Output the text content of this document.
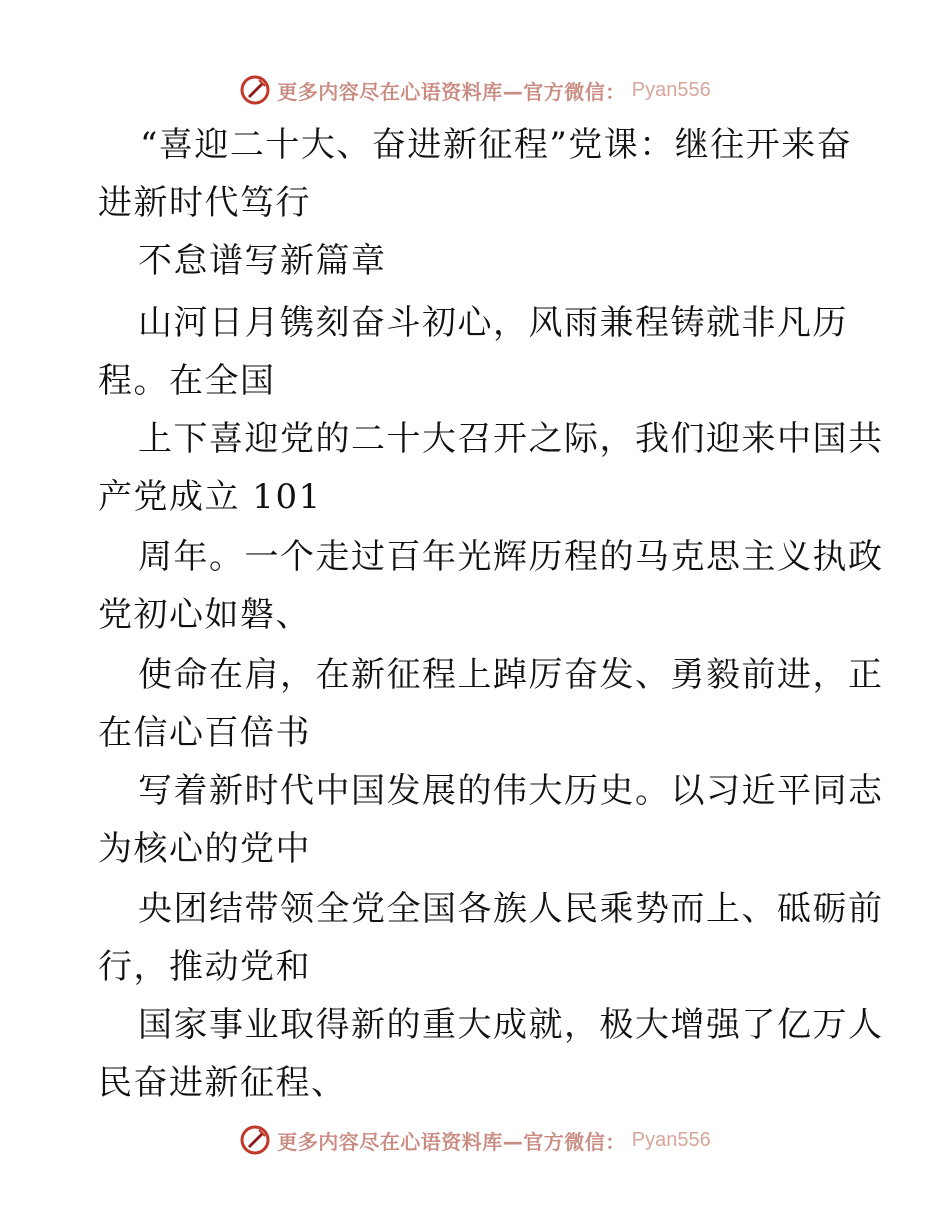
更多内容尽在心语资料库—官方微信： Pyan556
“喜迎二十大、奋进新征程”党课：继往开来奋
进新时代笃行
不怠谱写新篇章
山河日月镌刻奋斗初心，风雨兼程铸就非凡历
程。在全国
上下喜迎党的二十大召开之际，我们迎来中国共
产党成立 101
周年。一个走过百年光辉历程的马克思主义执政
党初心如磐、
使命在肩，在新征程上踔厉奋发、勇毅前进，正
在信心百倍书
写着新时代中国发展的伟大历史。以习近平同志
为核心的党中
央团结带领全党全国各族人民乘势而上、砥砺前
行，推动党和
国家事业取得新的重大成就，极大增强了亿万人
民奋进新征程、
更多内容尽在心语资料库—官方微信： Pyan556
